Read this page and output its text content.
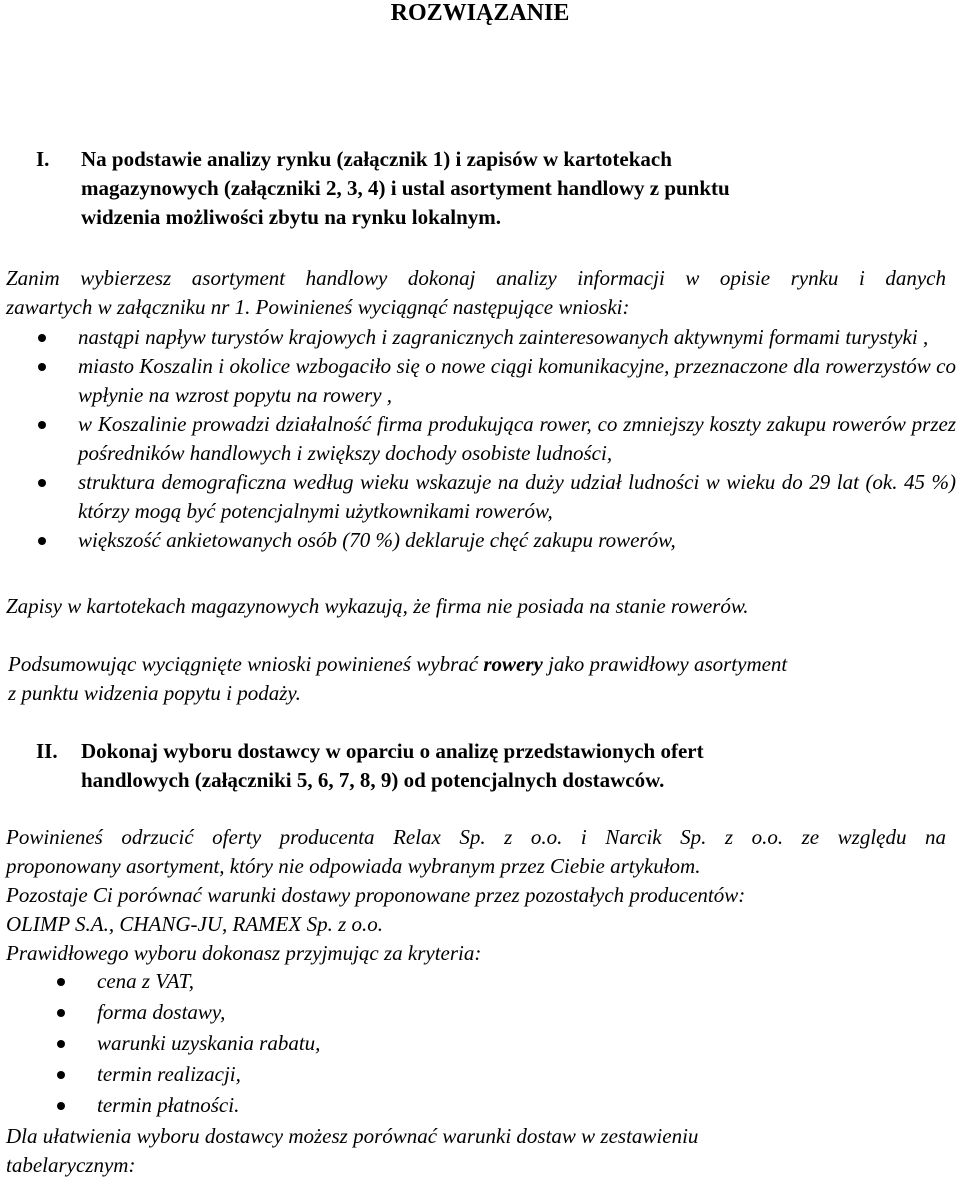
ROZWIĄZANIE
I. Na podstawie analizy rynku (załącznik 1) i zapisów w kartotekach
magazynowych (załączniki 2, 3, 4) i ustal asortyment handlowy z punktu
widzenia możliwości zbytu na rynku lokalnym.
Zanim wybierzesz asortyment handlowy dokonaj analizy informacji w opisie rynku i danych
zawartych w załączniku nr 1. Powinieneś wyciągnąć następujące wnioski:
nastąpi napływ turystów krajowych i zagranicznych zainteresowanych aktywnymi formami turystyki ,
miasto Koszalin i okolice wzbogaciło się o nowe ciągi komunikacyjne, przeznaczone dla rowerzystów co wpłynie na wzrost popytu na rowery ,
w Koszalinie prowadzi działalność firma produkująca rower, co zmniejszy koszty zakupu rowerów przez pośredników handlowych i zwiększy dochody osobiste ludności,
struktura demograficzna według wieku wskazuje na duży udział ludności w wieku do 29 lat (ok. 45 %) którzy mogą być potencjalnymi użytkownikami rowerów,
większość ankietowanych osób (70 %) deklaruje chęć zakupu rowerów,
Zapisy w kartotekach magazynowych wykazują, że firma nie posiada na stanie rowerów.
Podsumowując wyciągnięte wnioski powinieneś wybrać rowery jako prawidłowy asortyment
z punktu widzenia popytu i podaży.
II. Dokonaj wyboru dostawcy w oparciu o analizę przedstawionych ofert
handlowych (załączniki 5, 6, 7, 8, 9) od potencjalnych dostawców.
Powinieneś odrzucić oferty producenta Relax Sp. z o.o. i Narcik Sp. z o.o. ze względu na
proponowany asortyment, który nie odpowiada wybranym przez Ciebie artykułom.
Pozostaje Ci porównać warunki dostawy proponowane przez pozostałych producentów:
OLIMP S.A., CHANG-JU, RAMEX Sp. z o.o.
Prawidłowego wyboru dokonasz przyjmując za kryteria:
cena z VAT,
forma dostawy,
warunki uzyskania rabatu,
termin realizacji,
termin płatności.
Dla ułatwienia wyboru dostawcy możesz porównać warunki dostaw w zestawieniu
tabelarycznym:
